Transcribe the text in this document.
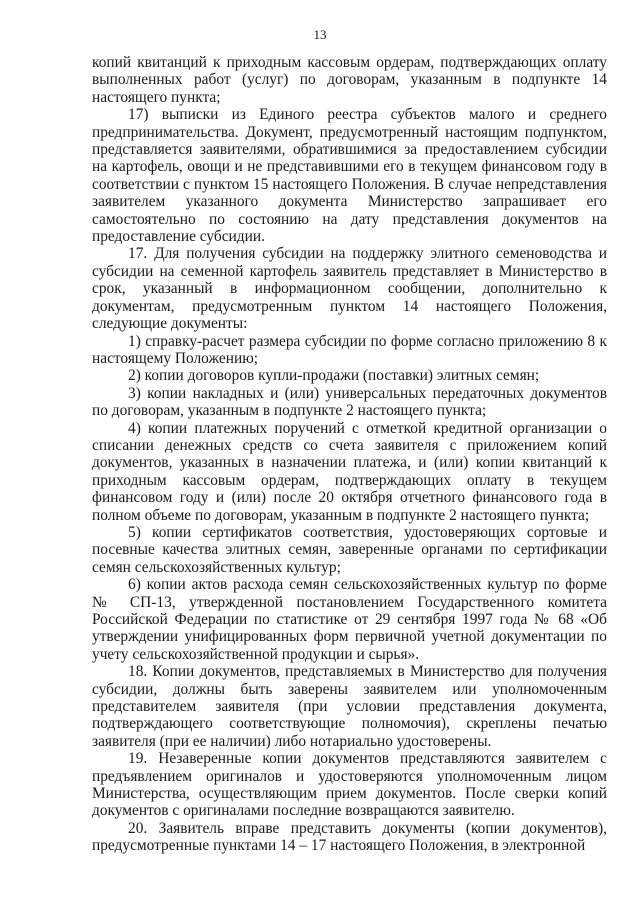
13

копий квитанций к приходным кассовым ордерам, подтверждающих оплату выполненных работ (услуг) по договорам, указанным в подпункте 14 настоящего пункта;

17) выписки из Единого реестра субъектов малого и среднего предпринимательства. Документ, предусмотренный настоящим подпунктом, представляется заявителями, обратившимися за предоставлением субсидии на картофель, овощи и не представившими его в текущем финансовом году в соответствии с пунктом 15 настоящего Положения. В случае непредставления заявителем указанного документа Министерство запрашивает его самостоятельно по состоянию на дату представления документов на предоставление субсидии.

17. Для получения субсидии на поддержку элитного семеноводства и субсидии на семенной картофель заявитель представляет в Министерство в срок, указанный в информационном сообщении, дополнительно к документам, предусмотренным пунктом 14 настоящего Положения, следующие документы:

1) справку-расчет размера субсидии по форме согласно приложению 8 к настоящему Положению;

2) копии договоров купли-продажи (поставки) элитных семян;

3) копии накладных и (или) универсальных передаточных документов по договорам, указанным в подпункте 2 настоящего пункта;

4) копии платежных поручений с отметкой кредитной организации о списании денежных средств со счета заявителя с приложением копий документов, указанных в назначении платежа, и (или) копии квитанций к приходным кассовым ордерам, подтверждающих оплату в текущем финансовом году и (или) после 20 октября отчетного финансового года в полном объеме по договорам, указанным в подпункте 2 настоящего пункта;

5) копии сертификатов соответствия, удостоверяющих сортовые и посевные качества элитных семян, заверенные органами по сертификации семян сельскохозяйственных культур;

6) копии актов расхода семян сельскохозяйственных культур по форме № СП-13, утвержденной постановлением Государственного комитета Российской Федерации по статистике от 29 сентября 1997 года № 68 «Об утверждении унифицированных форм первичной учетной документации по учету сельскохозяйственной продукции и сырья».

18. Копии документов, представляемых в Министерство для получения субсидии, должны быть заверены заявителем или уполномоченным представителем заявителя (при условии представления документа, подтверждающего соответствующие полномочия), скреплены печатью заявителя (при ее наличии) либо нотариально удостоверены.

19. Незаверенные копии документов представляются заявителем с предъявлением оригиналов и удостоверяются уполномоченным лицом Министерства, осуществляющим прием документов. После сверки копий документов с оригиналами последние возвращаются заявителю.

20. Заявитель вправе представить документы (копии документов), предусмотренные пунктами 14 – 17 настоящего Положения, в электронной
